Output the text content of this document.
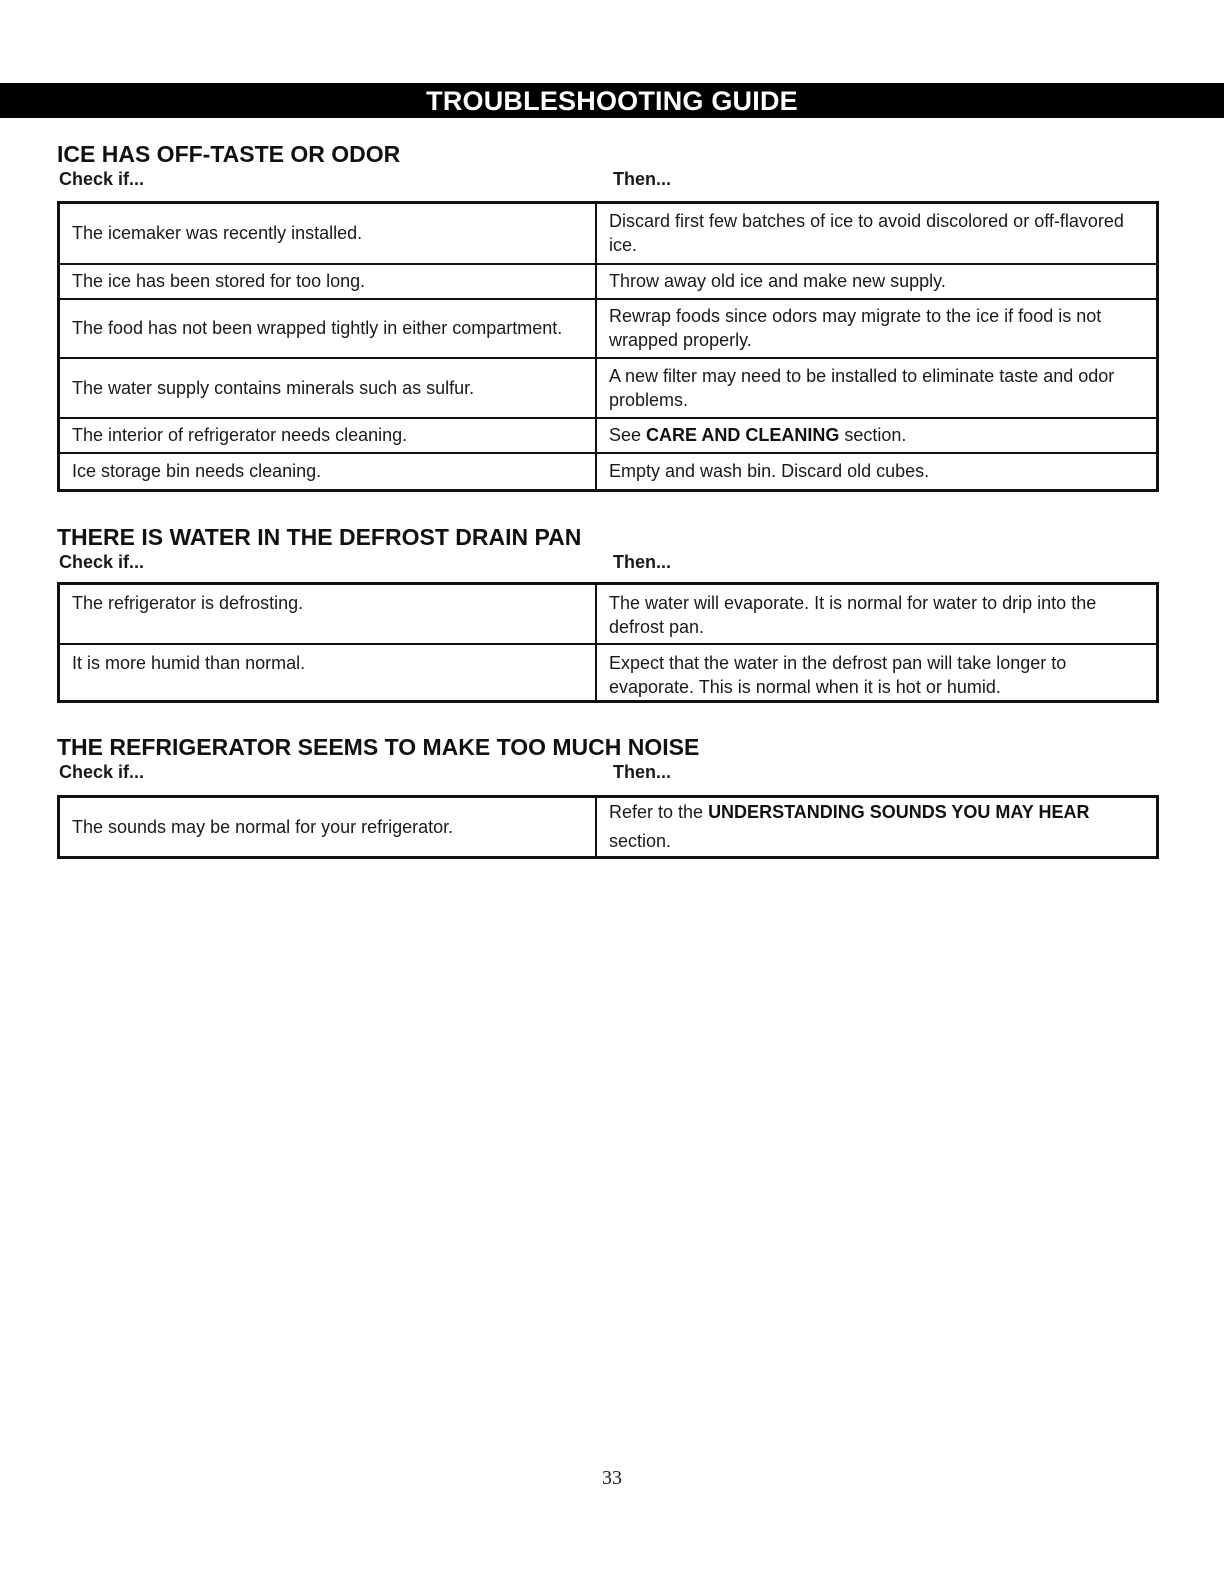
TROUBLESHOOTING GUIDE
ICE HAS OFF-TASTE OR ODOR
Check if...	Then...
The icemaker was recently installed.	Discard first few batches of ice to avoid discolored or off-flavored ice.
The ice has been stored for too long.	Throw away old ice and make new supply.
The food has not been wrapped tightly in either compartment.	Rewrap foods since odors may migrate to the ice if food is not wrapped properly.
The water supply contains minerals such as sulfur.	A new filter may need to be installed to eliminate taste and odor problems.
The interior of refrigerator needs cleaning.	See CARE AND CLEANING section.
Ice storage bin needs cleaning.	Empty and wash bin. Discard old cubes.
THERE IS WATER IN THE DEFROST DRAIN PAN
Check if...	Then...
The refrigerator is defrosting.	The water will evaporate. It is normal for water to drip into the defrost pan.
It is more humid than normal.	Expect that the water in the defrost pan will take longer to evaporate. This is normal when it is hot or humid.
THE REFRIGERATOR SEEMS TO MAKE TOO MUCH NOISE
Check if...	Then...
The sounds may be normal for your refrigerator.	Refer to the UNDERSTANDING SOUNDS YOU MAY HEAR section.
33
